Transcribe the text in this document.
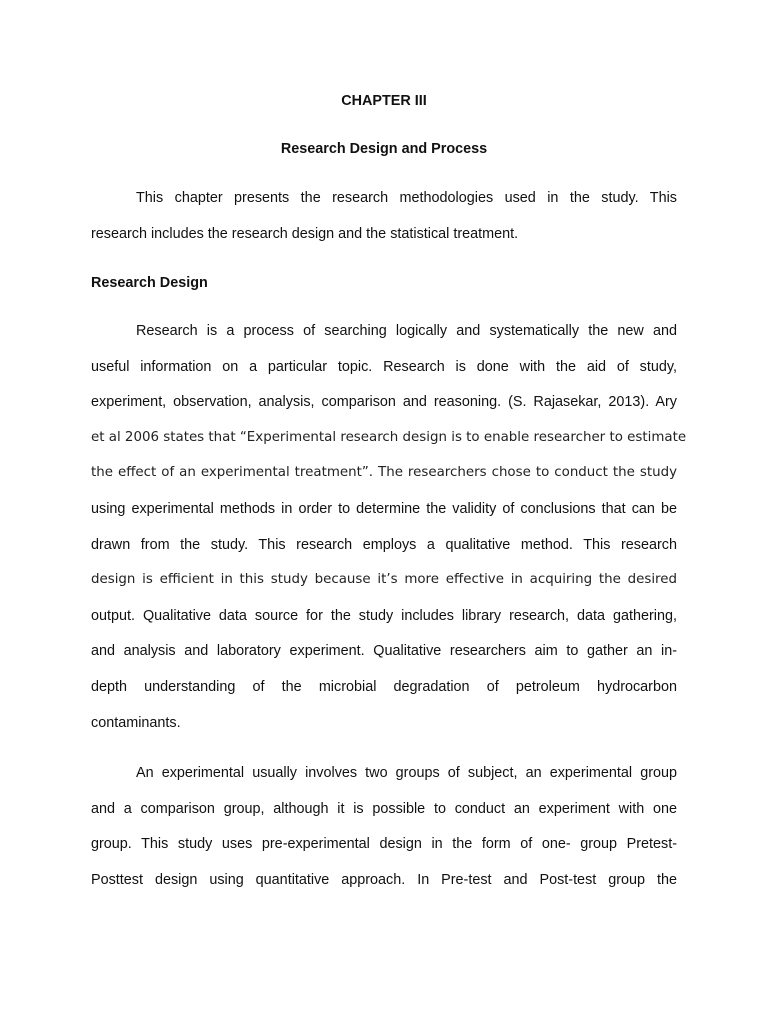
CHAPTER III
Research Design and Process
This chapter presents the research methodologies used in the study. This
research includes the research design and the statistical treatment.
Research Design
Research is a process of searching logically and systematically the new and
useful information on a particular topic. Research is done with the aid of study,
experiment, observation, analysis, comparison and reasoning. (S. Rajasekar, 2013). Ary
et al 2006 states that “Experimental research design is to enable researcher to estimate
the effect of an experimental treatment”. The researchers chose to conduct the study
using experimental methods in order to determine the validity of conclusions that can be
drawn from the study. This research employs a qualitative method. This research
design is efficient in this study because it’s more effective in acquiring the desired
output. Qualitative data source for the study includes library research, data gathering,
and analysis and laboratory experiment. Qualitative researchers aim to gather an in-
depth understanding of the microbial degradation of petroleum hydrocarbon
contaminants.
An experimental usually involves two groups of subject, an experimental group
and a comparison group, although it is possible to conduct an experiment with one
group. This study uses pre-experimental design in the form of one- group Pretest-
Posttest design using quantitative approach. In Pre-test and Post-test group the
